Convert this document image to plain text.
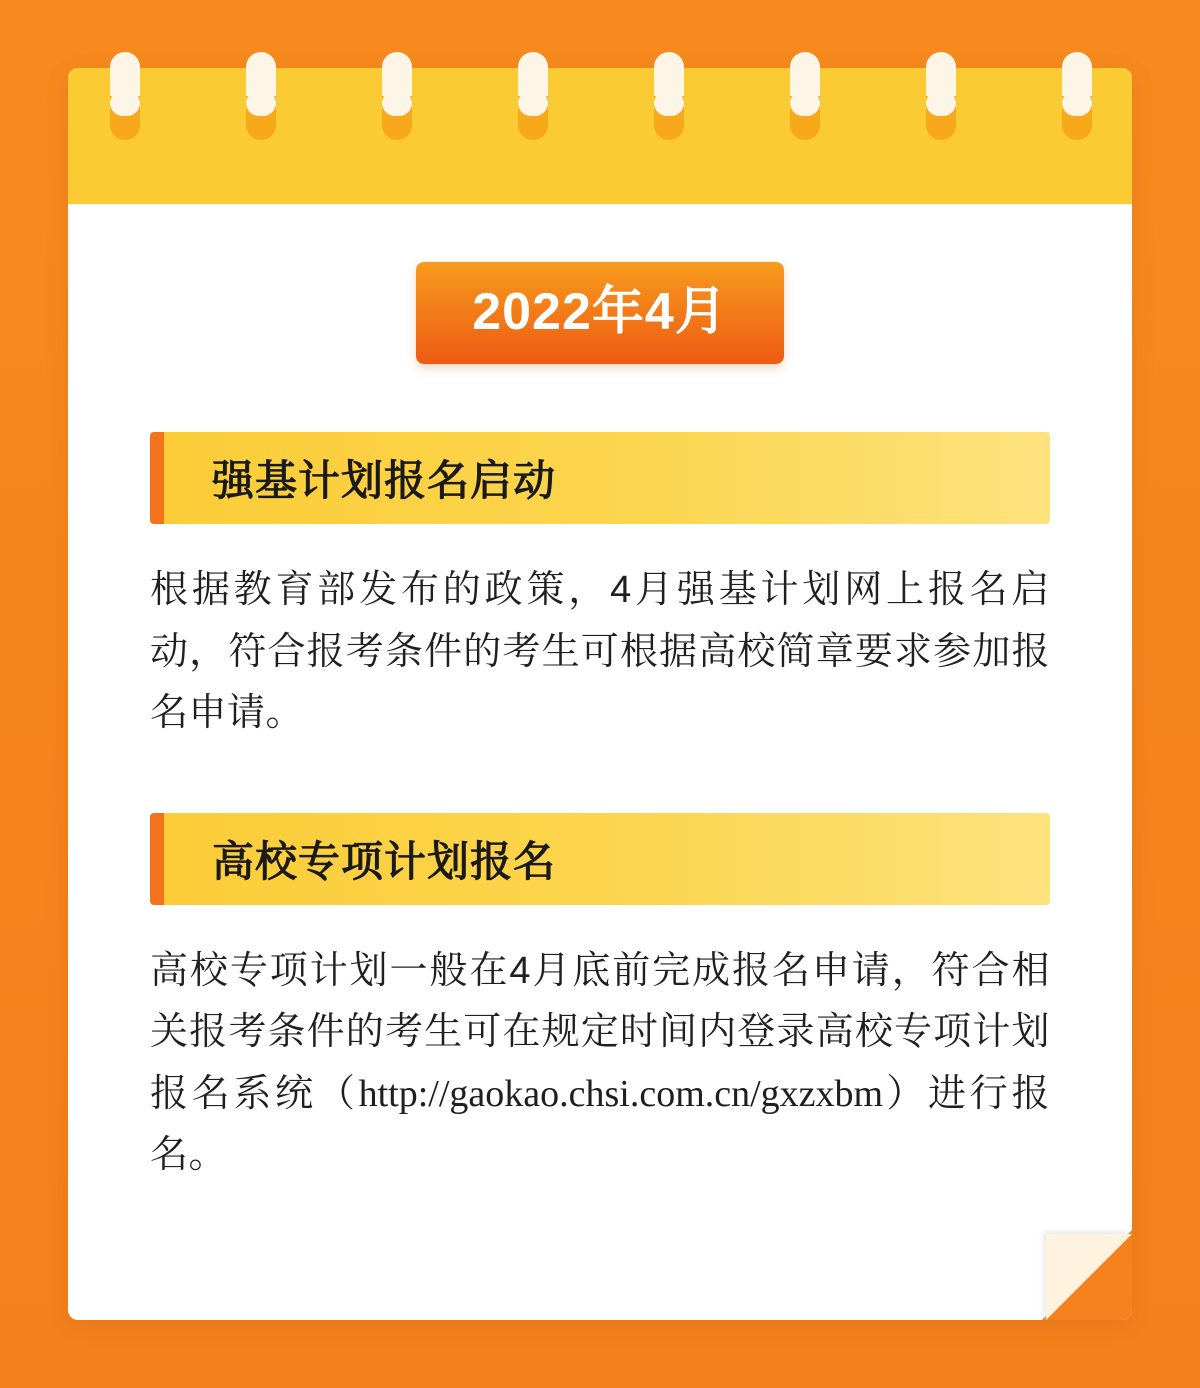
2022年4月
强基计划报名启动
根据教育部发布的政策，4月强基计划网上报名启动，符合报考条件的考生可根据高校简章要求参加报名申请。
高校专项计划报名
高校专项计划一般在4月底前完成报名申请，符合相关报考条件的考生可在规定时间内登录高校专项计划报名系统（http://gaokao.chsi.com.cn/gxzxbm）进行报名。
